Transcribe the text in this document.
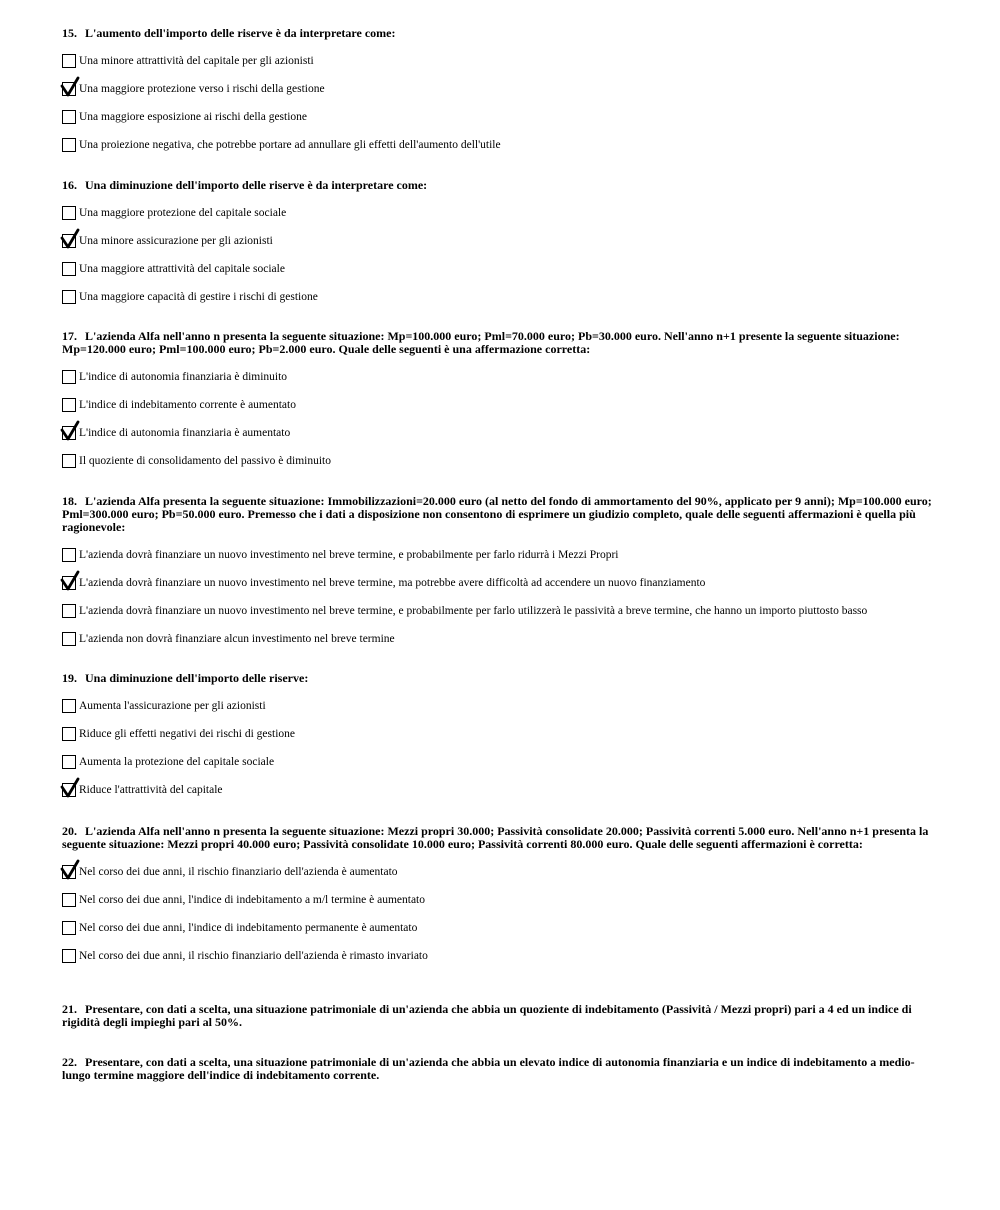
15. L'aumento dell'importo delle riserve è da interpretare come:

Una minore attrattività del capitale per gli azionisti
Una maggiore protezione verso i rischi della gestione
Una maggiore esposizione ai rischi della gestione
Una proiezione negativa, che potrebbe portare ad annullare gli effetti dell'aumento dell'utile

16. Una diminuzione dell'importo delle riserve è da interpretare come:

Una maggiore protezione del capitale sociale
Una minore assicurazione per gli azionisti
Una maggiore attrattività del capitale sociale
Una maggiore capacità di gestire i rischi di gestione

17. L'azienda Alfa nell'anno n presenta la seguente situazione: Mp=100.000 euro; Pml=70.000 euro; Pb=30.000 euro. Nell'anno n+1 presente la seguente situazione: Mp=120.000 euro; Pml=100.000 euro; Pb=2.000 euro. Quale delle seguenti è una affermazione corretta:

L'indice di autonomia finanziaria è diminuito
L'indice di indebitamento corrente è aumentato
L'indice di autonomia finanziaria è aumentato
Il quoziente di consolidamento del passivo è diminuito

18. L'azienda Alfa presenta la seguente situazione: Immobilizzazioni=20.000 euro (al netto del fondo di ammortamento del 90%, applicato per 9 anni); Mp=100.000 euro; Pml=300.000 euro; Pb=50.000 euro. Premesso che i dati a disposizione non consentono di esprimere un giudizio completo, quale delle seguenti affermazioni è quella più ragionevole:

L'azienda dovrà finanziare un nuovo investimento nel breve termine, e probabilmente per farlo ridurrà i Mezzi Propri
L'azienda dovrà finanziare un nuovo investimento nel breve termine, ma potrebbe avere difficoltà ad accendere un nuovo finanziamento
L'azienda dovrà finanziare un nuovo investimento nel breve termine, e probabilmente per farlo utilizzerà le passività a breve termine, che hanno un importo piuttosto basso
L'azienda non dovrà finanziare alcun investimento nel breve termine

19. Una diminuzione dell'importo delle riserve:

Aumenta l'assicurazione per gli azionisti
Riduce gli effetti negativi dei rischi di gestione
Aumenta la protezione del capitale sociale
Riduce l'attrattività del capitale

20. L'azienda Alfa nell'anno n presenta la seguente situazione: Mezzi propri 30.000; Passività consolidate 20.000; Passività correnti 5.000 euro. Nell'anno n+1 presenta la seguente situazione: Mezzi propri 40.000 euro; Passività consolidate 10.000 euro; Passività correnti 80.000 euro. Quale delle seguenti affermazioni è corretta:

Nel corso dei due anni, il rischio finanziario dell'azienda è aumentato
Nel corso dei due anni, l'indice di indebitamento a m/l termine è aumentato
Nel corso dei due anni, l'indice di indebitamento permanente è aumentato
Nel corso dei due anni, il rischio finanziario dell'azienda è rimasto invariato

21. Presentare, con dati a scelta, una situazione patrimoniale di un'azienda che abbia un quoziente di indebitamento (Passività / Mezzi propri) pari a 4 ed un indice di rigidità degli impieghi pari al 50%.

22. Presentare, con dati a scelta, una situazione patrimoniale di un'azienda che abbia un elevato indice di autonomia finanziaria e un indice di indebitamento a medio-lungo termine maggiore dell'indice di indebitamento corrente.
